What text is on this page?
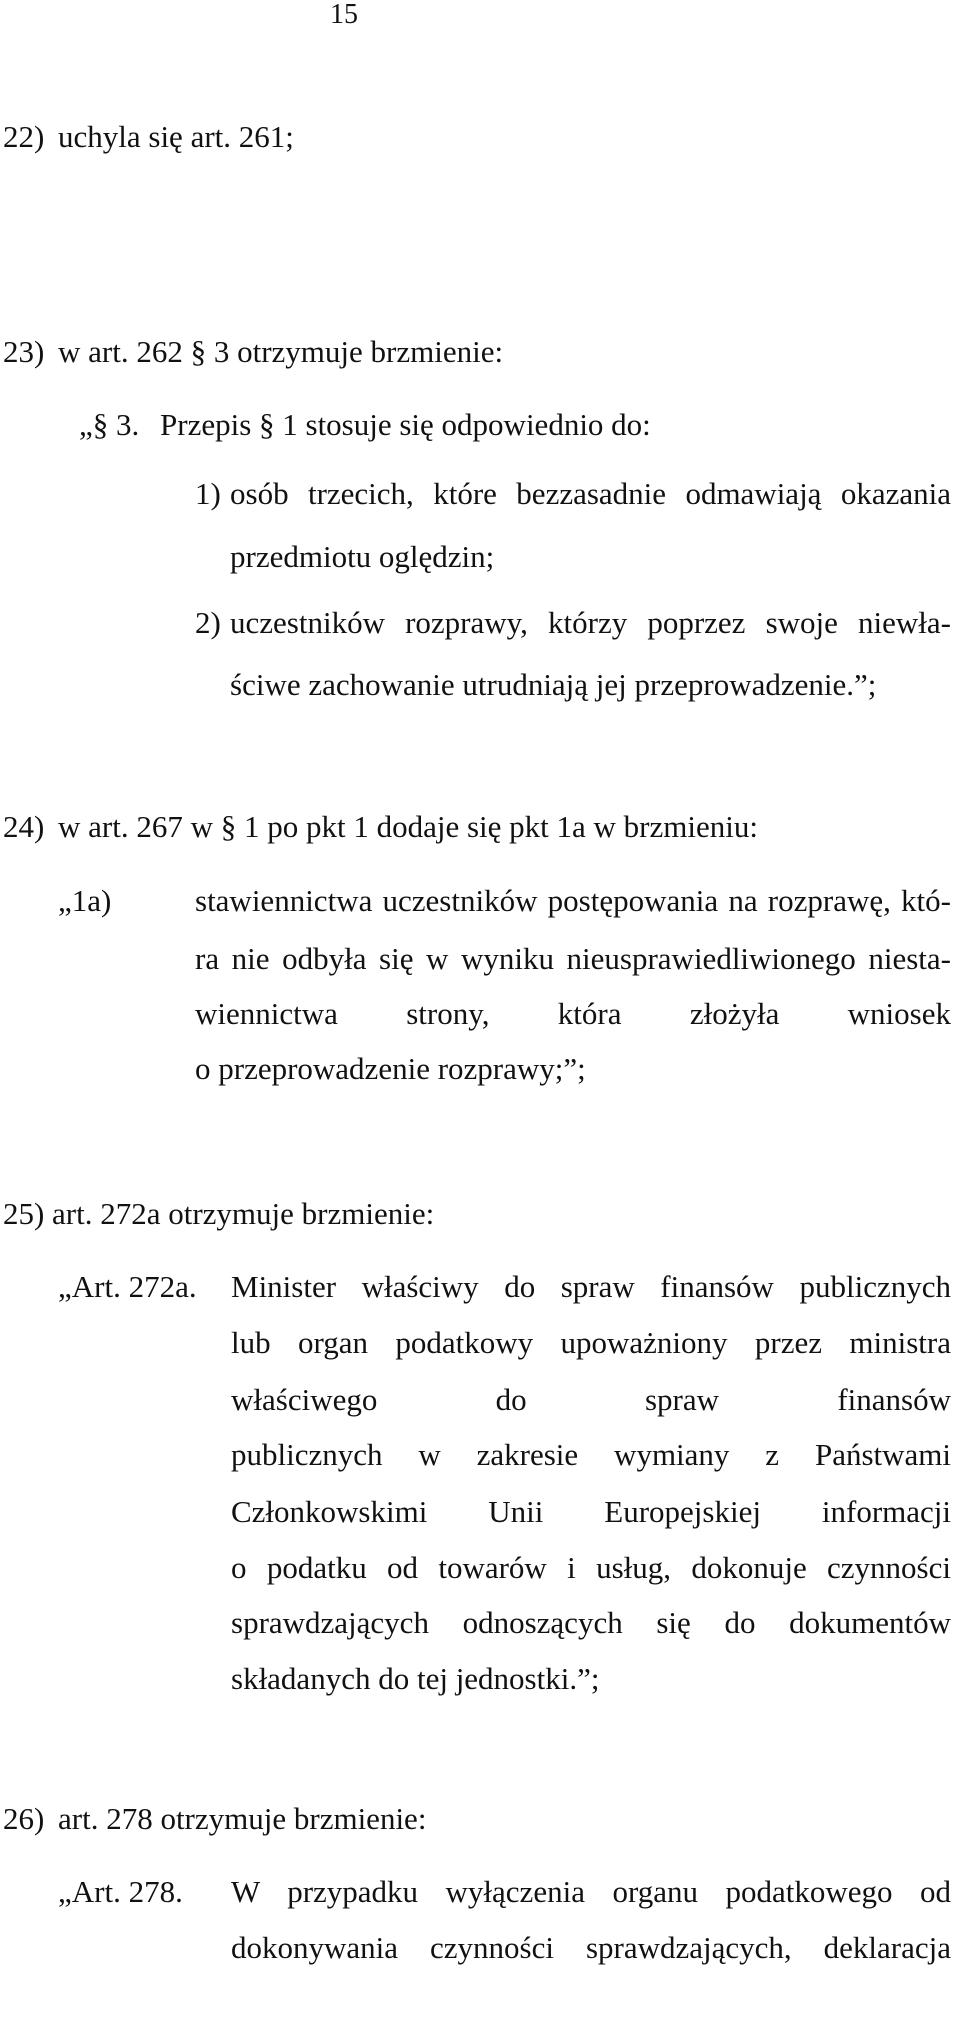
15
22) uchyla się art. 261;
23) w art. 262 § 3 otrzymuje brzmienie:
„§ 3. Przepis § 1 stosuje się odpowiednio do:
1) osób trzecich, które bezzasadnie odmawiają okazania
przedmiotu oględzin;
2) uczestników rozprawy, którzy poprzez swoje niewła-
ściwe zachowanie utrudniają jej przeprowadzenie.”;
24) w art. 267 w § 1 po pkt 1 dodaje się pkt 1a w brzmieniu:
„1a)	stawiennictwa uczestników postępowania na rozprawę, któ-
ra nie odbyła się w wyniku nieusprawiedliwionego niesta-
wiennictwa strony, która złożyła wniosek
o przeprowadzenie rozprawy;”;
25) art. 272a otrzymuje brzmienie:
„Art. 272a. Minister właściwy do spraw finansów publicznych
lub organ podatkowy upoważniony przez ministra
właściwego do spraw finansów
publicznych w zakresie wymiany z Państwami
Członkowskimi Unii Europejskiej informacji
o podatku od towarów i usług, dokonuje czynności
sprawdzających odnoszących się do dokumentów
składanych do tej jednostki.”;
26) art. 278 otrzymuje brzmienie:
„Art. 278. W przypadku wyłączenia organu podatkowego od
dokonywania czynności sprawdzających, deklaracja
